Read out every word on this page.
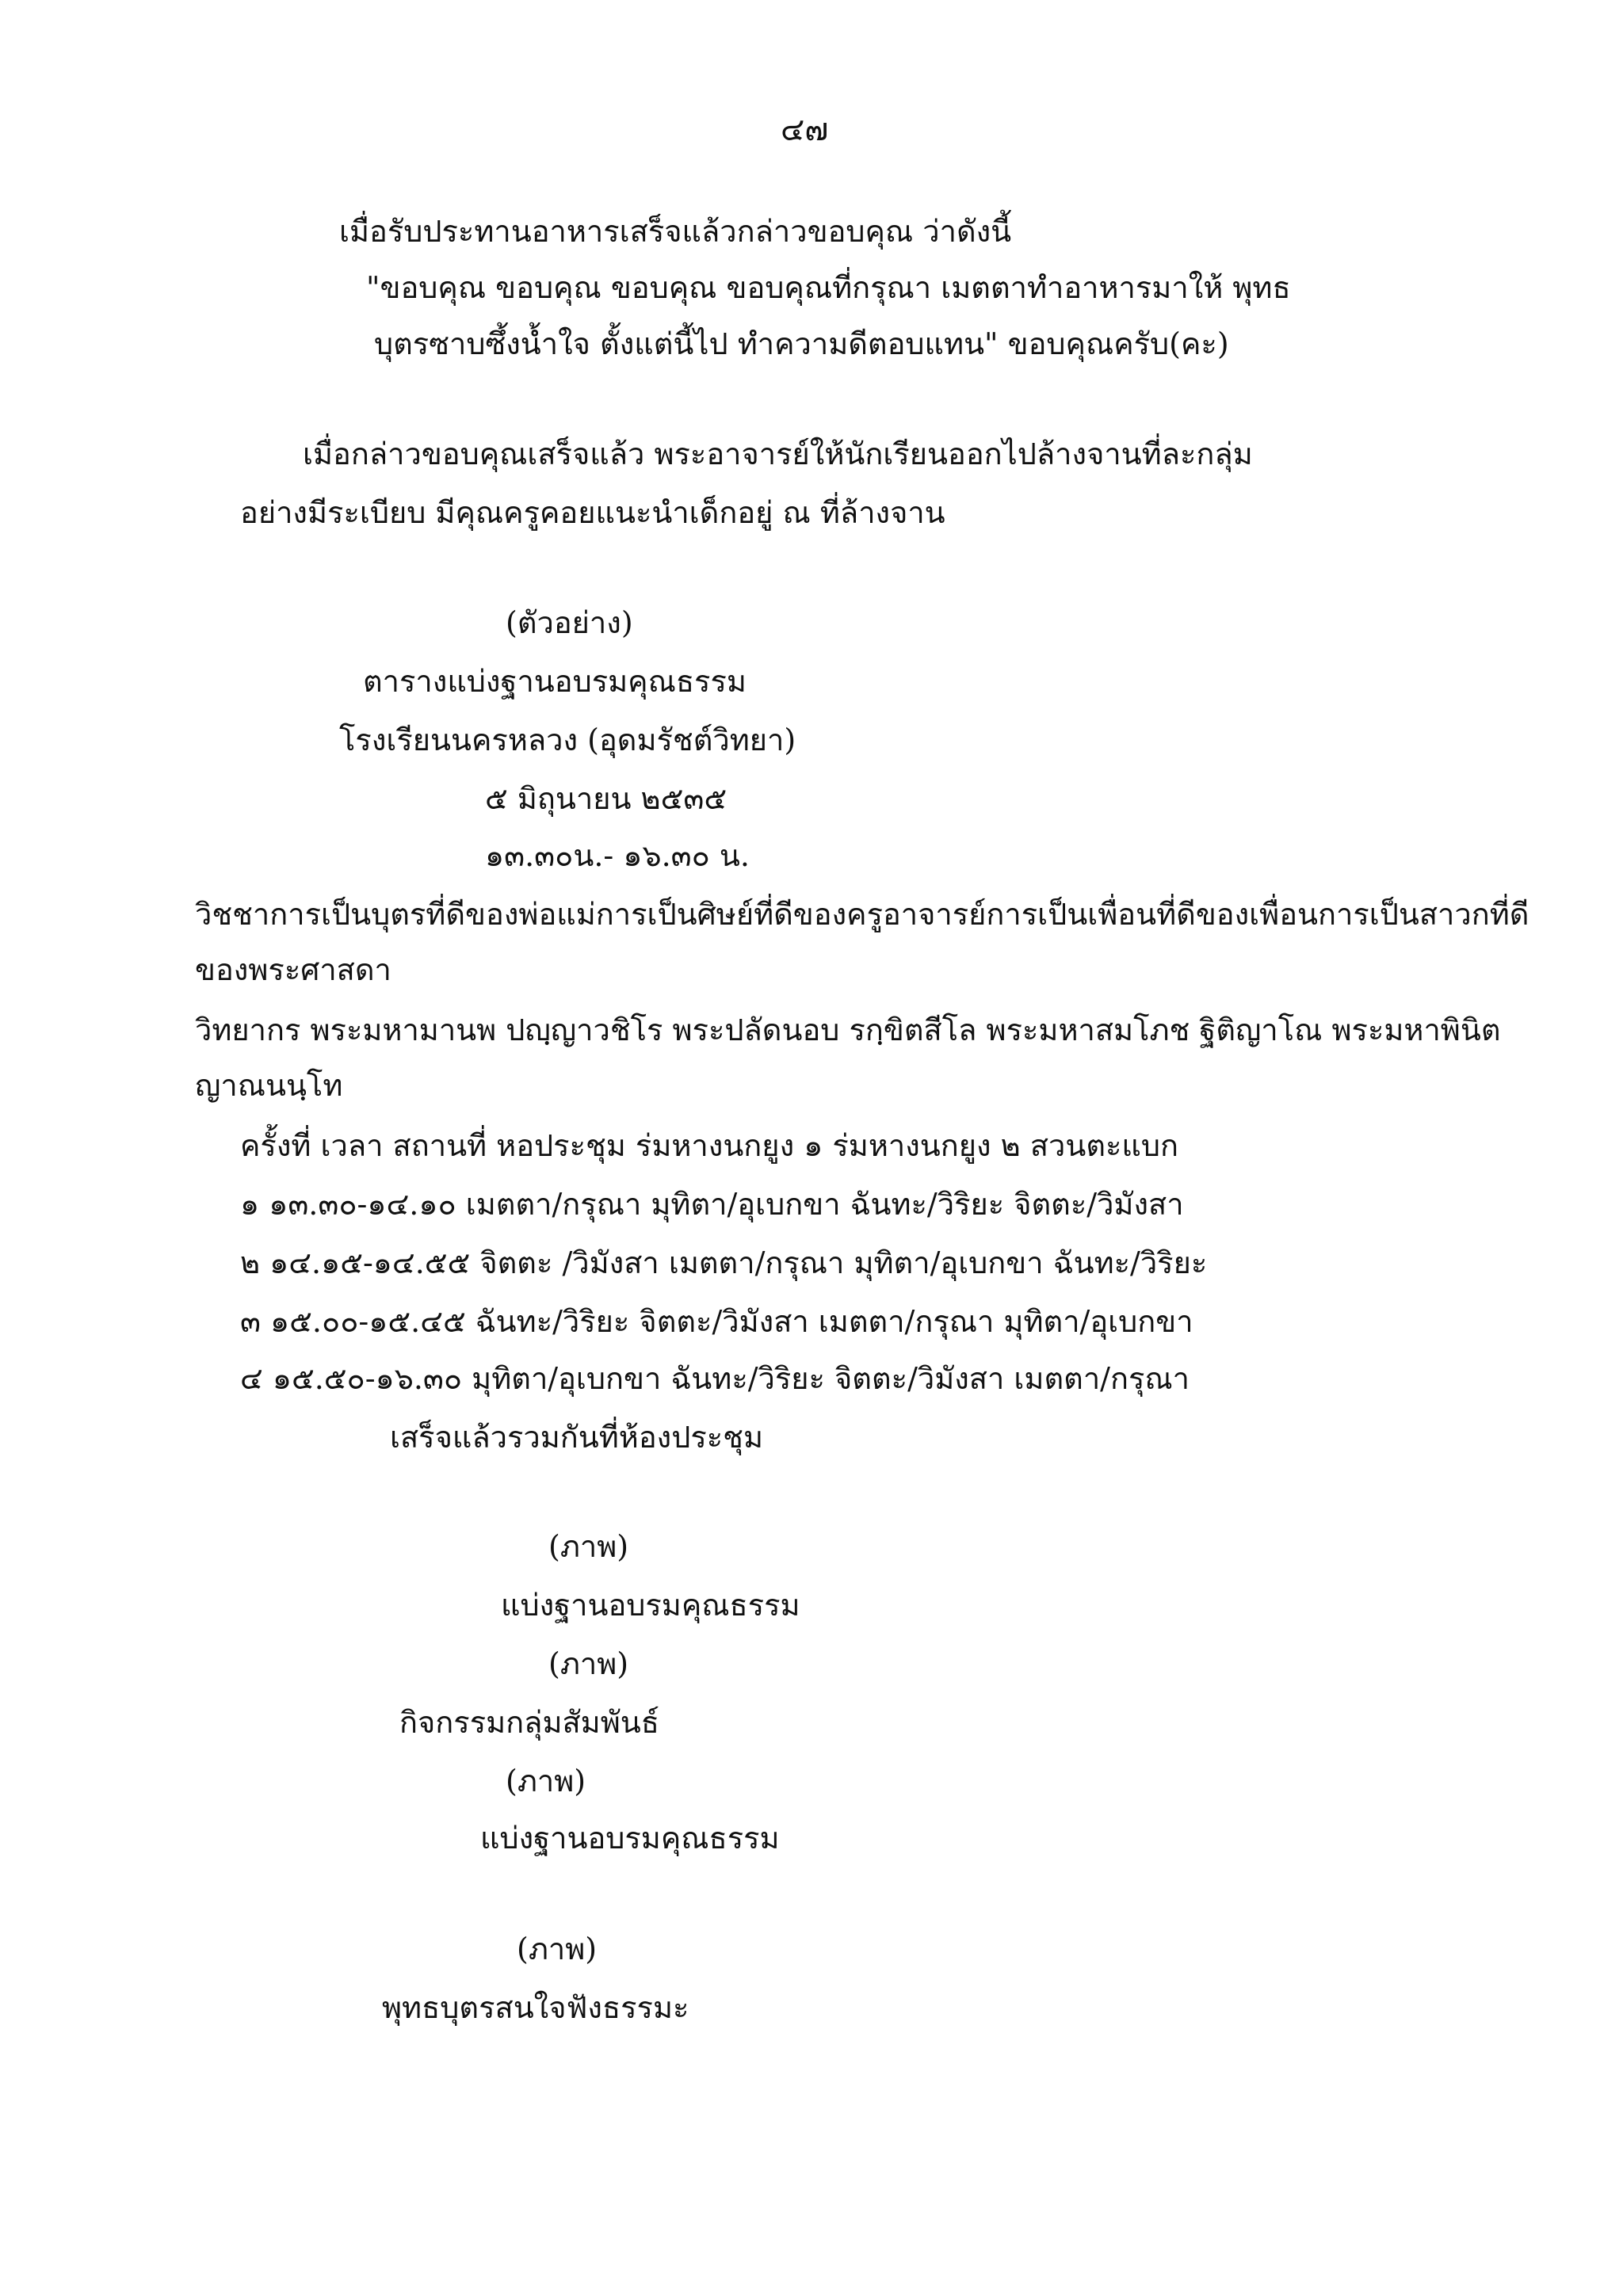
๔๗

เมื่อรับประทานอาหารเสร็จแล้วกล่าวขอบคุณ ว่าดังนี้

"ขอบคุณ ขอบคุณ ขอบคุณ ขอบคุณที่กรุณา เมตตาทำอาหารมาให้ พุทธ

บุตรซาบซึ้งน้ำใจ ตั้งแต่นี้ไป ทำความดีตอบแทน" ขอบคุณครับ(คะ)

เมื่อกล่าวขอบคุณเสร็จแล้ว พระอาจารย์ให้นักเรียนออกไปล้างจานที่ละกลุ่ม

อย่างมีระเบียบ มีคุณครูคอยแนะนำเด็กอยู่ ณ ที่ล้างจาน

(ตัวอย่าง)

ตารางแบ่งฐานอบรมคุณธรรม

โรงเรียนนครหลวง (อุดมรัชต์วิทยา)

๕ มิถุนายน ๒๕๓๕

๑๓.๓๐น.- ๑๖.๓๐ น.

วิชชาการเป็นบุตรที่ดีของพ่อแม่การเป็นศิษย์ที่ดีของครูอาจารย์การเป็นเพื่อนที่ดีของเพื่อนการเป็นสาวกที่ดี

ของพระศาสดา

วิทยากร พระมหามานพ ปญฺญาวชิโร พระปลัดนอบ รกฺขิตสีโล พระมหาสมโภช ฐิติญาโณ พระมหาพินิต

ญาณนนฺโท

ครั้งที่ เวลา สถานที่ หอประชุม ร่มหางนกยูง ๑ ร่มหางนกยูง ๒ สวนตะแบก

๑ ๑๓.๓๐-๑๔.๑๐ เมตตา/กรุณา มุทิตา/อุเบกขา ฉันทะ/วิริยะ จิตตะ/วิมังสา

๒ ๑๔.๑๕-๑๔.๕๕ จิตตะ /วิมังสา เมตตา/กรุณา มุทิตา/อุเบกขา ฉันทะ/วิริยะ

๓ ๑๕.๐๐-๑๕.๔๕ ฉันทะ/วิริยะ จิตตะ/วิมังสา เมตตา/กรุณา มุทิตา/อุเบกขา

๔ ๑๕.๕๐-๑๖.๓๐ มุทิตา/อุเบกขา ฉันทะ/วิริยะ จิตตะ/วิมังสา เมตตา/กรุณา

เสร็จแล้วรวมกันที่ห้องประชุม

(ภาพ)

แบ่งฐานอบรมคุณธรรม

(ภาพ)

กิจกรรมกลุ่มสัมพันธ์

(ภาพ)

แบ่งฐานอบรมคุณธรรม

(ภาพ)

พุทธบุตรสนใจฟังธรรมะ
